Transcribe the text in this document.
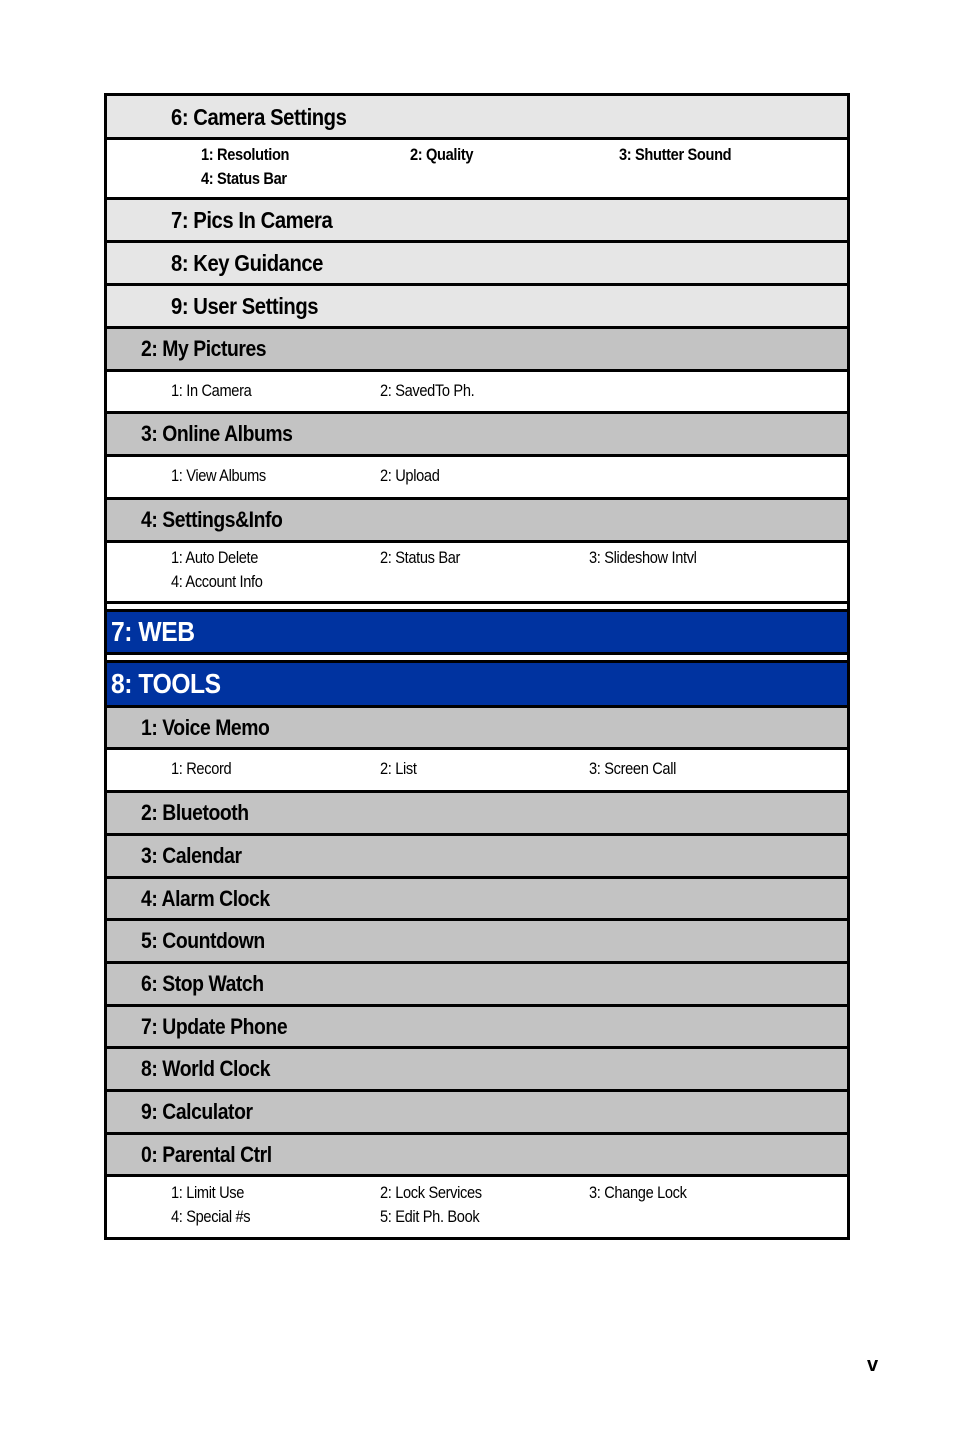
6: Camera Settings
1: Resolution	2: Quality	3: Shutter Sound
4: Status Bar
7: Pics In Camera
8: Key Guidance
9: User Settings
2: My Pictures
1: In Camera	2: SavedTo Ph.
3: Online Albums
1: View Albums	2: Upload
4: Settings&Info
1: Auto Delete	2: Status Bar	3: Slideshow Intvl
4: Account Info
7: WEB
8: TOOLS
1: Voice Memo
1: Record	2: List	3: Screen Call
2: Bluetooth
3: Calendar
4: Alarm Clock
5: Countdown
6: Stop Watch
7: Update Phone
8: World Clock
9: Calculator
0: Parental Ctrl
1: Limit Use	2: Lock Services	3: Change Lock
4: Special #s	5: Edit Ph. Book
v
